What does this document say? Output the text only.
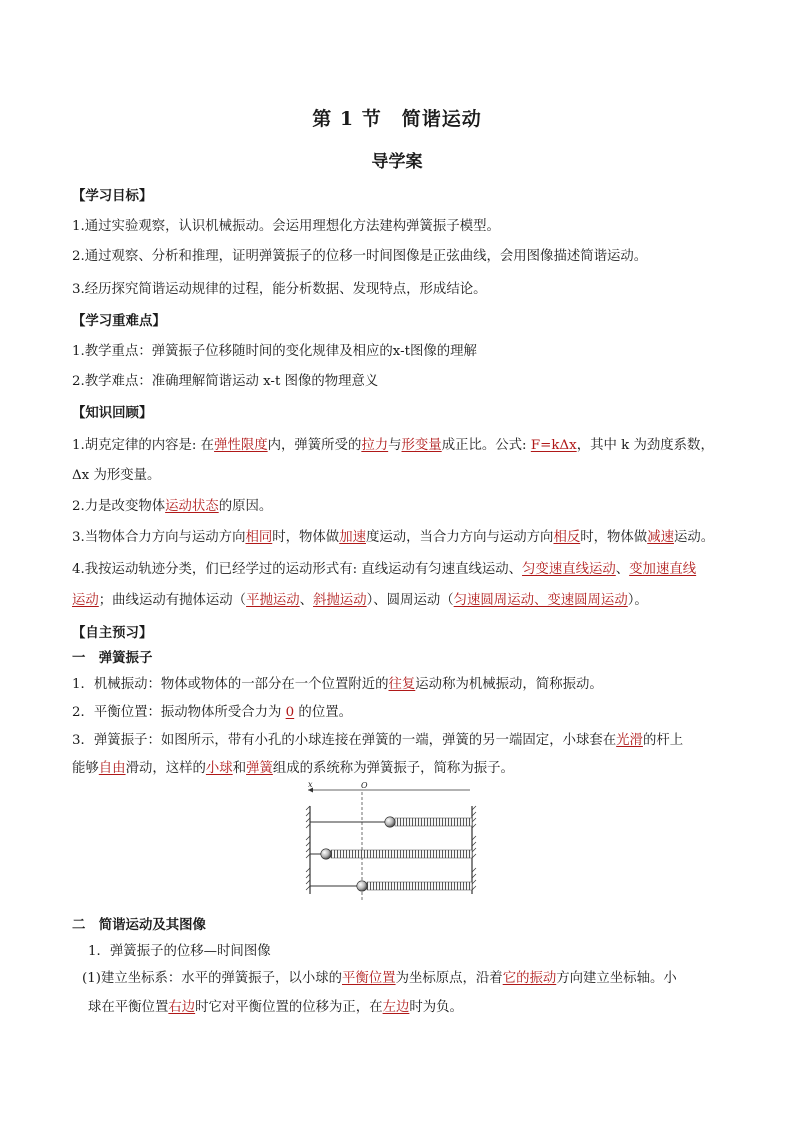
第 1 节　简谐运动
导学案
【学习目标】
1.通过实验观察，认识机械振动。会运用理想化方法建构弹簧振子模型。
2.通过观察、分析和推理，证明弹簧振子的位移一时间图像是正弦曲线，会用图像描述简谐运动。
3.经历探究简谐运动规律的过程，能分析数据、发现特点，形成结论。
【学习重难点】
1.教学重点：弹簧振子位移随时间的变化规律及相应的x-t图像的理解
2.教学难点：准确理解简谐运动 x-t 图像的物理意义
【知识回顾】
1.胡克定律的内容是: 在弹性限度内，弹簧所受的拉力与形变量成正比。公式: F=kΔx，其中 k 为劲度系数，
Δx 为形变量。
2.力是改变物体运动状态的原因。
3.当物体合力方向与运动方向相同时，物体做加速度运动，当合力方向与运动方向相反时，物体做减速运动。
4.我按运动轨迹分类，们已经学过的运动形式有: 直线运动有匀速直线运动、匀变速直线运动、变加速直线
运动；曲线运动有抛体运动（平抛运动、斜抛运动）、圆周运动（匀速圆周运动、变速圆周运动）。
【自主预习】
一　弹簧振子
1．机械振动：物体或物体的一部分在一个位置附近的往复运动称为机械振动，简称振动。
2．平衡位置：振动物体所受合力为 0 的位置。
3．弹簧振子：如图所示，带有小孔的小球连接在弹簧的一端，弹簧的另一端固定，小球套在光滑的杆上
能够自由滑动，这样的小球和弹簧组成的系统称为弹簧振子，简称为振子。
x	O
二　简谐运动及其图像
1．弹簧振子的位移—时间图像
(1)建立坐标系：水平的弹簧振子，以小球的平衡位置为坐标原点，沿着它的振动方向建立坐标轴。小
球在平衡位置右边时它对平衡位置的位移为正，在左边时为负。
